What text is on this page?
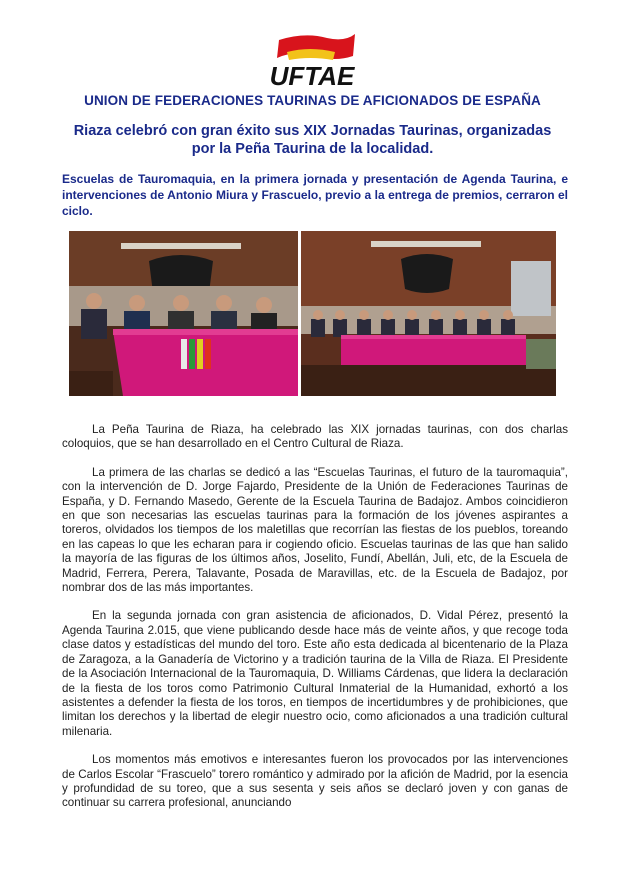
UFTAE
UNION DE FEDERACIONES TAURINAS DE AFICIONADOS DE ESPAÑA
Riaza celebró con gran éxito sus XIX Jornadas Taurinas, organizadas
por la Peña Taurina de la localidad.
Escuelas de Tauromaquia, en la primera jornada y presentación de Agenda Taurina, e intervenciones de Antonio Miura y Frascuelo, previo a la entrega de premios, cerraron el ciclo.

La Peña Taurina de Riaza, ha celebrado las XIX jornadas taurinas, con dos charlas coloquios, que se han desarrollado en el Centro Cultural de Riaza.

La primera de las charlas se dedicó a las “Escuelas Taurinas, el futuro de la tauromaquia”, con la intervención de D. Jorge Fajardo, Presidente de la Unión de Federaciones Taurinas de España, y D. Fernando Masedo, Gerente de la Escuela Taurina de Badajoz. Ambos coincidieron en que son necesarias las escuelas taurinas para la formación de los jóvenes aspirantes a toreros, olvidados los tiempos de los maletillas que recorrían las fiestas de los pueblos, toreando en las capeas lo que les echaran para ir cogiendo oficio. Escuelas taurinas de las que han salido la mayoría de las figuras de los últimos años, Joselito, Fundí, Abellán, Juli, etc, de la Escuela de Madrid, Ferrera, Perera, Talavante, Posada de Maravillas, etc. de la Escuela de Badajoz, por nombrar dos de las más importantes.

En la segunda jornada con gran asistencia de aficionados, D. Vidal Pérez, presentó la Agenda Taurina 2.015, que viene publicando desde hace más de veinte años, y que recoge toda clase datos y estadísticas del mundo del toro. Este año esta dedicada al bicentenario de la Plaza de Zaragoza, a la Ganadería de Victorino y a tradición taurina de la Villa de Riaza. El Presidente de la Asociación Internacional de la Tauromaquia, D. Williams Cárdenas, que lidera la declaración de la fiesta de los toros como Patrimonio Cultural Inmaterial de la Humanidad, exhortó a los asistentes a defender la fiesta de los toros, en tiempos de incertidumbres y de prohibiciones, que limitan los derechos y la libertad de elegir nuestro ocio, como aficionados a una tradición cultural milenaria.

Los momentos más emotivos e interesantes fueron los provocados por las intervenciones de Carlos Escolar “Frascuelo” torero romántico y admirado por la afición de Madrid, por la esencia y profundidad de su toreo, que a sus sesenta y seis años se declaró joven y con ganas de continuar su carrera profesional, anunciando
